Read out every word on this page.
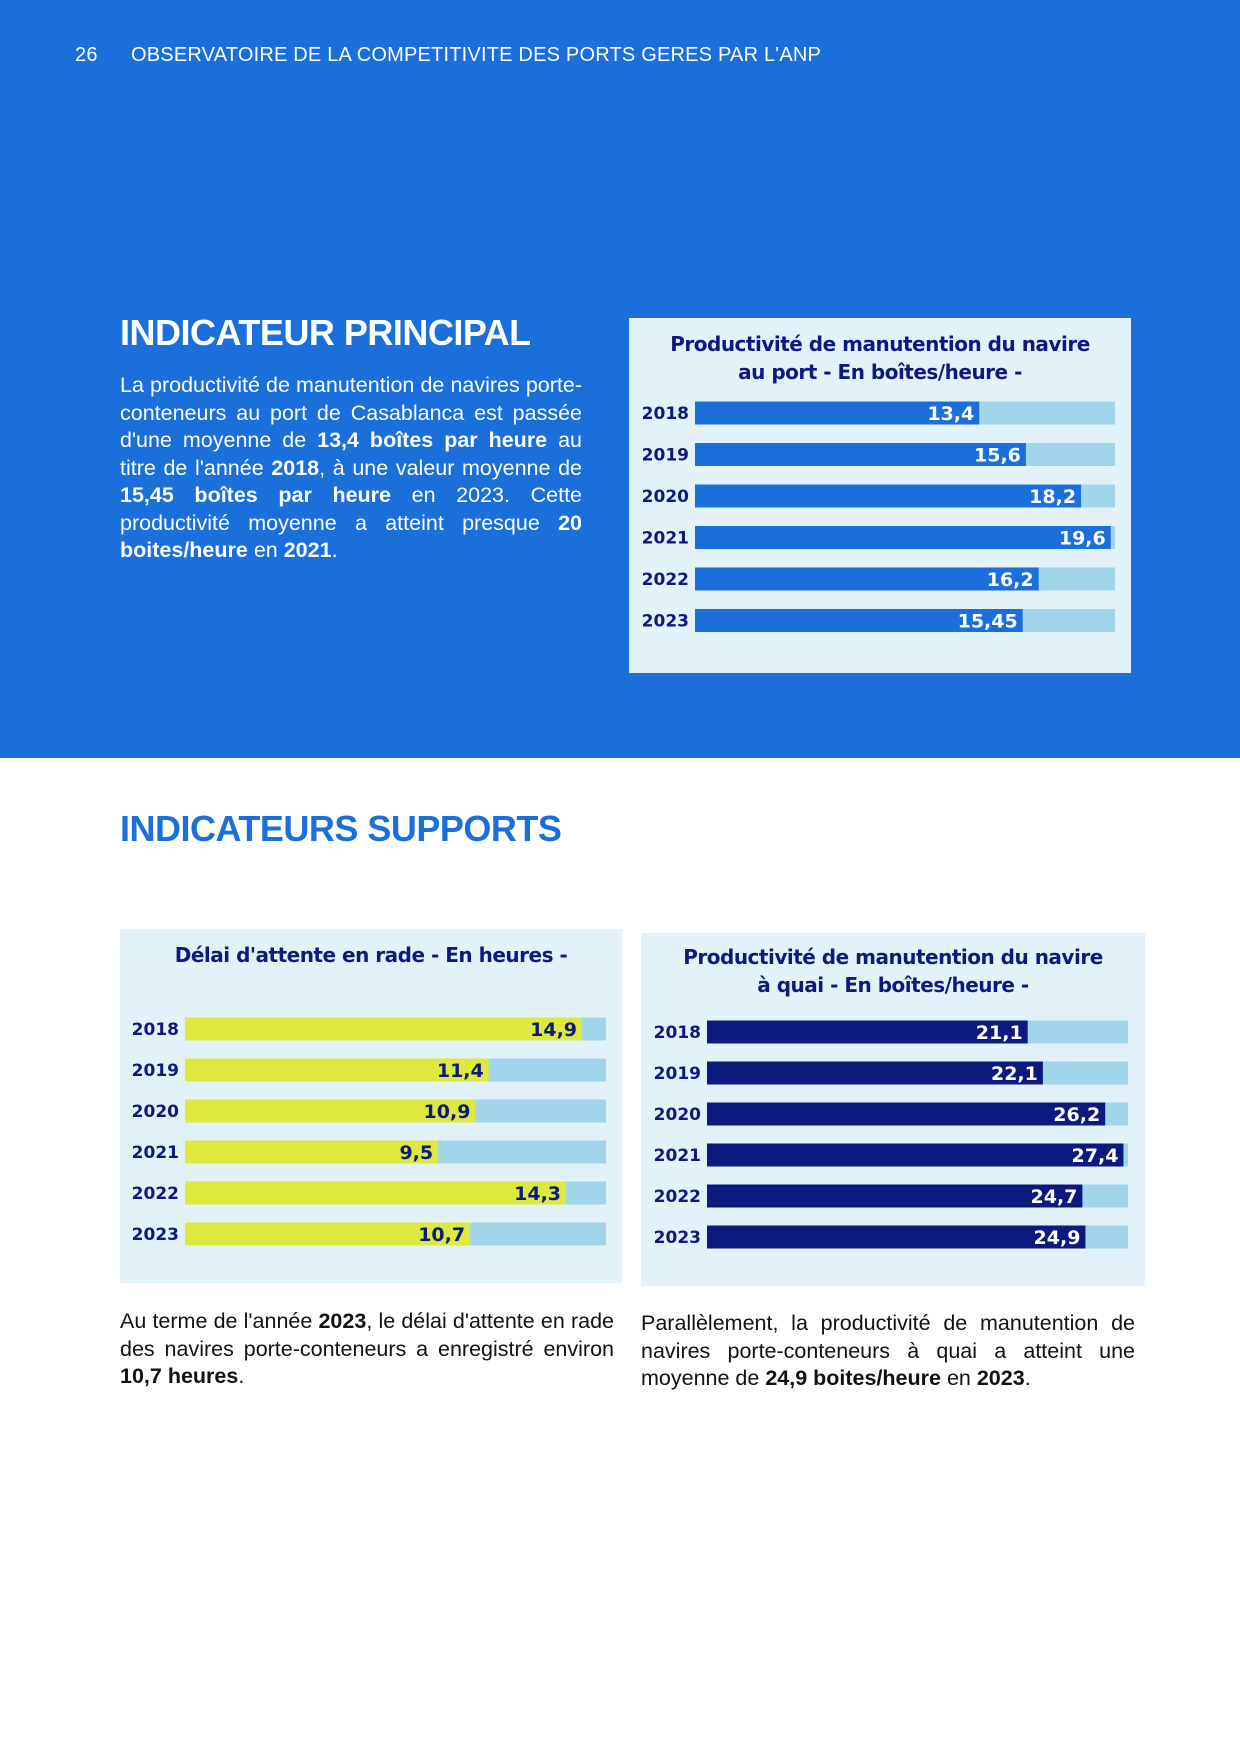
26 OBSERVATOIRE DE LA COMPETITIVITE DES PORTS GERES PAR L'ANP
INDICATEUR PRINCIPAL
La productivité de manutention de navires porte-conteneurs au port de Casablanca est passée d'une moyenne de 13,4 boîtes par heure au titre de l'année 2018, à une valeur moyenne de 15,45 boîtes par heure en 2023. Cette productivité moyenne a atteint presque 20 boites/heure en 2021.
Productivité de manutention du navire
au port - En boîtes/heure -
2018	13,4
2019	15,6
2020	18,2
2021	19,6
2022	16,2
2023	15,45
INDICATEURS SUPPORTS
Délai d'attente en rade - En heures -
2018	14,9
2019	11,4
2020	10,9
2021	9,5
2022	14,3
2023	10,7
Productivité de manutention du navire
à quai - En boîtes/heure -
2018	21,1
2019	22,1
2020	26,2
2021	27,4
2022	24,7
2023	24,9
Au terme de l'année 2023, le délai d'attente en rade des navires porte-conteneurs a enregistré environ 10,7 heures.
Parallèlement, la productivité de manutention de navires porte-conteneurs à quai a atteint une moyenne de 24,9 boites/heure en 2023.
